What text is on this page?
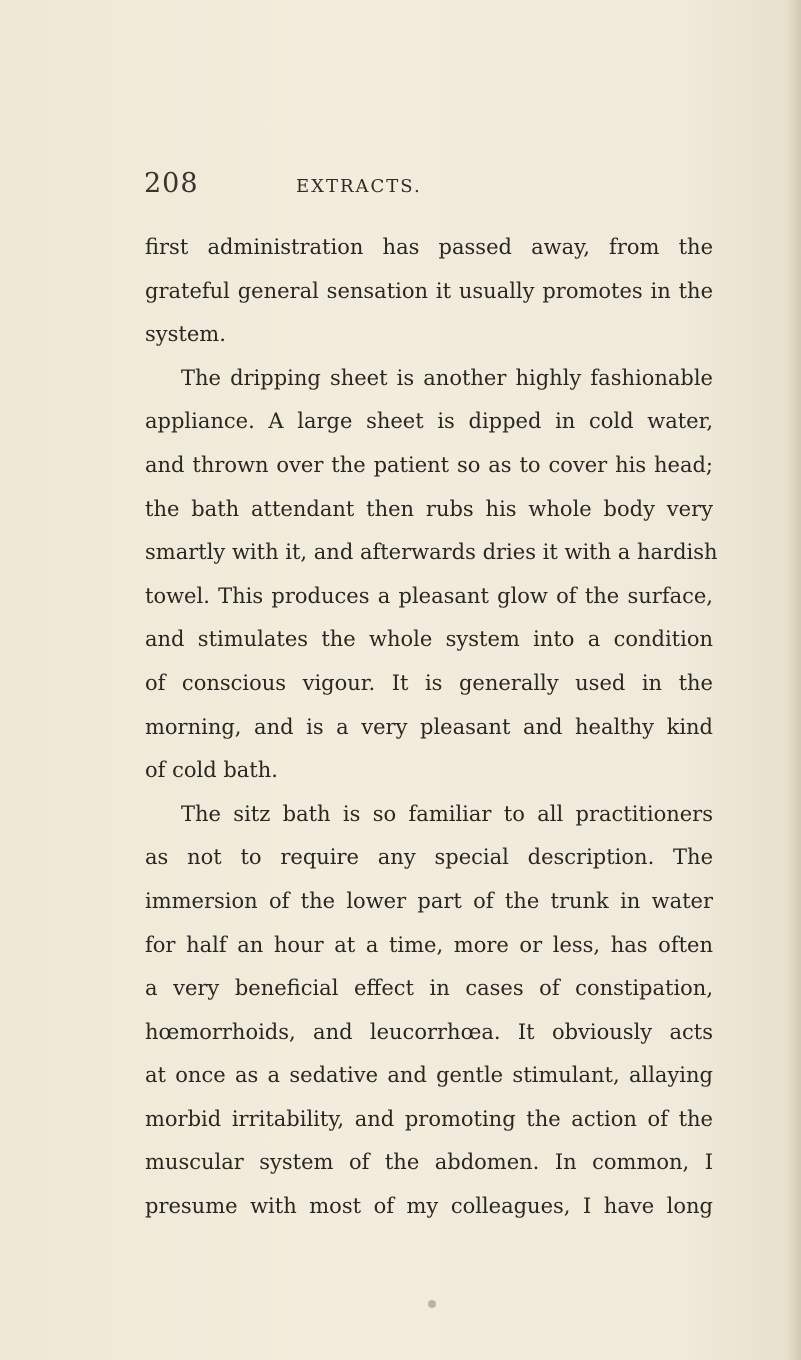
208	EXTRACTS.
first administration has passed away, from the
grateful general sensation it usually promotes in the
system.
The dripping sheet is another highly fashionable
appliance. A large sheet is dipped in cold water,
and thrown over the patient so as to cover his head;
the bath attendant then rubs his whole body very
smartly with it, and afterwards dries it with a hardish
towel. This produces a pleasant glow of the surface,
and stimulates the whole system into a condition
of conscious vigour. It is generally used in the
morning, and is a very pleasant and healthy kind
of cold bath.
The sitz bath is so familiar to all practitioners
as not to require any special description. The
immersion of the lower part of the trunk in water
for half an hour at a time, more or less, has often
a very beneficial effect in cases of constipation,
hœmorrhoids, and leucorrhœa. It obviously acts
at once as a sedative and gentle stimulant, allaying
morbid irritability, and promoting the action of the
muscular system of the abdomen. In common, I
presume with most of my colleagues, I have long
